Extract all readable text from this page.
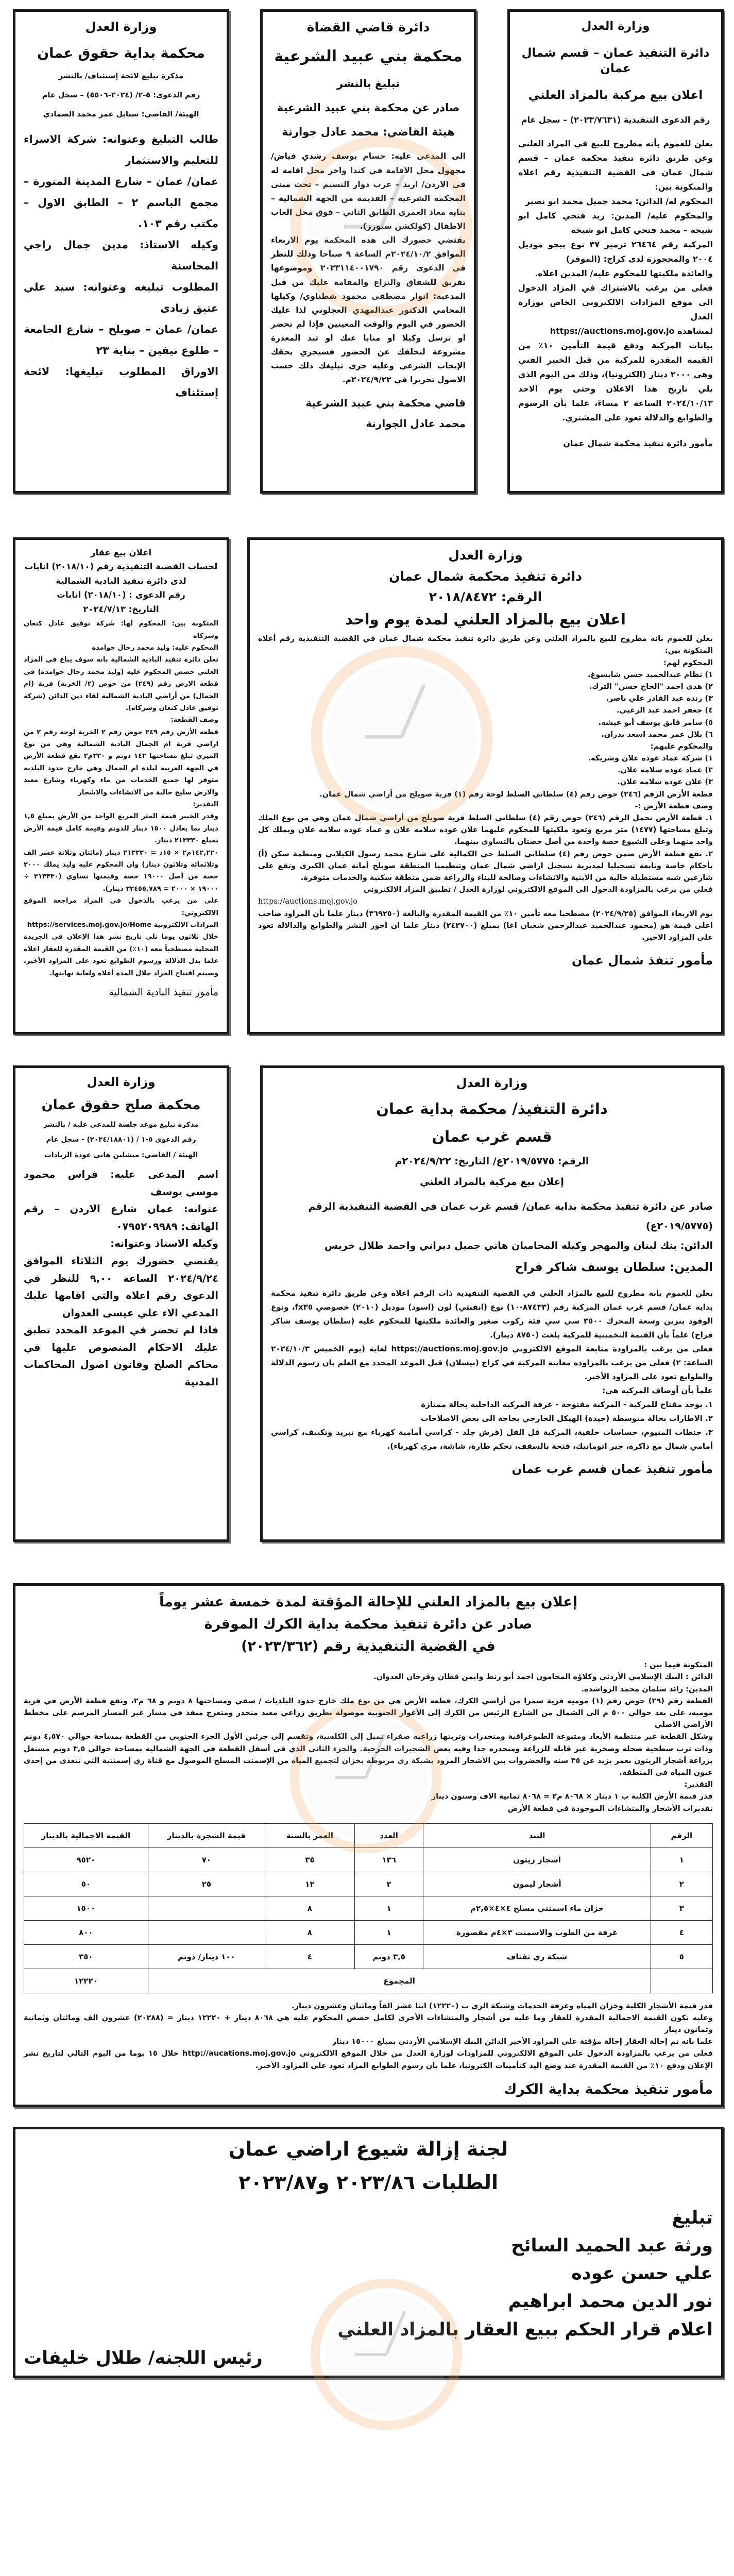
وزارة العدل
دائرة التنفيذ عمان – قسم شمال عمان
اعلان بيع مركبة بالمزاد العلني
رقم الدعوى التنفيذية (٢٠٢٣/٧٦٣١) – سجل عام
يعلن للعموم بأنه مطروح للبيع في المزاد العلني وعن طريق دائرة تنفيذ محكمة عمان – قسم شمال عمان في القضية التنفيذية رقم اعلاه والمتكونة بين:
المحكوم له/ الدائن: محمد جميل محمد ابو نصير
والمحكوم عليه/ المدين: زيد فتحي كامل ابو شيخة – محمد فتحي كامل ابو شيخة
المركبة رقم ٢٦٤٦٤ ترميز ٣٧ نوع بيجو موديل ٢٠٠٤ والمحجوزة لدى كراج: (الموقر)
والعائدة ملكيتها للمحكوم عليه/ المدين اعلاه.
فعلى من يرغب بالاشتراك في المزاد الدخول الى موقع المزادات الالكتروني الخاص بوزارة العدل
لمشاهدة https://auctions.moj.gov.jo
بيانات المركبة ودفع قيمة التأمين ١٠٪ من القيمة المقدرة للمركبة من قبل الخبير الفني وهي ٢٠٠٠ دينار (الكترونيا)، وذلك من اليوم الذي يلي تاريخ هذا الاعلان وحتى يوم الاحد ٢٠٢٤/١٠/١٣ الساعة ٢ مساءً، علما بأن الرسوم والطوابع والدلالة تعود على المشتري.
مأمور دائرة تنفيذ محكمة شمال عمان
دائرة قاضي القضاة
محكمة بني عبيد الشرعية
تبليغ بالنشر
صادر عن محكمة بني عبيد الشرعية
هيئة القاضي: محمد عادل جوارنة
الى المدعى عليه: حسام يوسف رشدي فياض/ مجهول محل الاقامة في كندا واخر محل اقامة له في الاردن/ اربد – غرب دوار النسيم – تحت مبنى المحكمة الشرعية – القديمة من الجهة الشمالية – بناية معاذ العمري الطابق الثاني – فوق محل العاب الاطفال (كولكشن ستورز).
يقتضي حضورك الى هذه المحكمة يوم الاربعاء الموافق ٢٠٢٤/١٠/٢م الساعة ٩ صباحا وذلك للنظر في الدعوى رقم ٢٠٢٣١١٤٠٠١٧٩٠ وموضوعها تفريق للشقاق والنزاع والمقامة عليك من قبل المدعية: انوار مصطفى محمود شطناوي/ وكيلها المحامي الدكتور عبدالمهدي العجلوني لذا عليك الحضور في اليوم والوقت المعينين فإذا لم تحضر او ترسل وكيلا او منابا عنك او تبد المعذرة مشروعة لتخلفك عن الحضور فسيجري بحقك الإيجاب الشرعي وعليه جرى تبليغك ذلك حسب الاصول تحريرا في ٢٠٢٤/٩/٢٢م.
قاضي محكمة بني عبيد الشرعية
محمد عادل الجوارنة
وزارة العدل
محكمة بداية حقوق عمان
مذكرة تبليغ لائحة إستئناف/ بالنشر
رقم الدعوى: ٥-٢/ (٢٠٢٤-٥٥٠٦) – سجل عام
الهيئة/ القاضي: سنابل عمر محمد الصمادي
طالب التبليغ وعنوانه: شركة الاسراء للتعليم والاستثمار
عمان/ عمان – شارع المدينة المنورة – مجمع الباسم ٢ – الطابق الاول – مكتب رقم ١٠٣.
وكيله الاستاذ: مدين جمال راجي المحاسنة
المطلوب تبليغه وعنوانه: سيد علي عتيق زيادى
عمان/ عمان – صويلح – شارع الجامعة – طلوع نيفين – بناية ٢٣
الاوراق المطلوب تبليغها: لائحة إستئناف
وزارة العدل
دائرة تنفيذ محكمة شمال عمان
الرقم: ٢٠١٨/٨٤٧٢
اعلان بيع بالمزاد العلني لمدة يوم واحد
يعلن للعموم بانه مطروح للبيع بالمزاد العلني وعن طريق دائرة تنفيذ محكمة شمال عمان في القضية التنفيذية رقم أعلاه المتكونة بين:
المحكوم لهم:
١) نظام عبدالحميد حسن شابسوغ.
٢) هدى احمد "الحاج حسن" الترك.
٣) رندة عبد القادر علي ناصر.
٤) جعفر احمد عبد الزعبي.
٥) سامر فايق يوسف أبو عيشه.
٦) بلال عمر محمد اسعد بدران.
والمحكوم عليهم:
١) شركة عماد عوده علان وشريكه.
٢) عماد عوده سلامه علان.
٣) علان عوده سلامه علان.
قطعة الأرض الرقم (٢٤٦) حوض رقم (٤) سلطاني السلط لوحة رقم (١) قرية صويلح من أراضي شمال عمان.
وصف قطعة الأرض :-
١. قطعة الأرض تحمل الرقم (٢٤٦) حوض رقم (٤) سلطاني السلط قرية صويلح من أراضي شمال عمان وهي من نوع الملك وتبلغ مساحتها (١٤٧٧) متر مربع وتعود ملكيتها للمحكوم عليهما علان عوده سلامه علان و عماد عوده سلامه علان ويملك كل واحد منهما وعلى الشيوع حصة واحدة من أصل حصتان بالتساوي بينهما.
٢. تقع قطعة الأرض ضمن حوض رقم (٤) سلطاني السلط حي الكمالية على شارع محمد رسول الكيلاني ومنظمة سكن (أ) بأحكام خاصة وتابعة تسجيليا لمديرية تسجيل اراضي شمال عمان وتنظيميا المنطقة صويلح أمانة عمان الكبرى وتقع على شارعين شبه مستطيلة خالية من الأبنية والانشاءات وصالحة للبناء والزراعة ضمن منطقة سكنية والخدمات متوفرة.
فعلي من يرغب بالمزاودة الدخول الى الموقع الالكتروني لوزارة العدل / تطبيق المزاد الالكتروني
https://auctions.moj.gov.jo
يوم الاربعاء الموافق (٢٠٢٤/٩/٢٥) مصطحبا معه تأمين ١٠٪ من القيمة المقدرة والبالغة (٣٦٩٢٥٠) دينار علما بأن المزاود صاحب اعلى قيمة هو (محمود عبدالحميد عبدالرحمن شعبان اغا) بمبلغ (٢٤٢٧٠٠) دينار علما ان اجور النشر والطوابع والدالالة تعود على المزاود الاخير.
مأمور تنفذ شمال عمان
اعلان بيع عقار
لحساب القضية التنفيذية رقم (٢٠١٨/١٠) انابات
لدى دائرة تنفيذ البادية الشمالية
رقم الدعوى : (٢٠١٨/١٠) انابات
التاريخ: ٢٠٢٤/٧/١٣
المتكونة بين: المحكوم لها: شركة توفيق عادل كنعان وشركاه
المحكوم عليه: وليد محمد رحال حوامدة
تعلن دائرة تنفيذ البادية الشمالية بانه سوف يباع في المزاد العلني حصص المحكوم عليه (وليد محمد رحال حوامدة) في قطعة الارض رقم (٢٤٩) من حوض (٢/ الخربة) قرية (ام الجمال) من أراضي البادية الشمالية لقاء دين الدائن (شركة توفيق عادل كنعان وشركاه).
وصف القطعة:
قطعة الأرض رقم ٢٤٩ حوض رقم ٢ الخربة لوحة رقم ٢ من اراضي قرية ام الجمال البادية الشمالية وهي من نوع الميري تبلغ مساحتها ١٤٢ دونم و ٢٢٠م٢ تقع قطعة الأرض في الجهة الغربية لبلدة ام الجمال وهي خارج حدود البلدية متوفر لها جميع الخدمات من ماء وكهرباء وشارع معبد والارض سليخ خالية من الانشاءات والاشجار
التقدير:
وقدر الخبير قيمة المتر المربع الواحد من الأرض بمبلغ ١,٥ دينار بما يعادل ١٥٠٠ دينار للدونم وقيمة كامل قيمة الأرض بمبلغ ٢١٣٣٣٠ دينار.
١٤٢,٢٢٠م٢ × ١٥د = ٢١٣٣٣٠ دينار (مائتان وثلاثة عشر الف وثلاثمائة وثلاثون دينار) وان المحكوم عليه وليد يملك ٢٠٠٠ حصة من أصل ١٩٠٠٠ حصة وقيمتها تساوي (٢١٣٣٣٠ ÷ ١٩٠٠٠ × ٢٠٠٠ = ٢٢٤٥٥,٧٨٩ دينار).
على من يرغب بالدخول في المزاد مراجعة الموقع الالكتروني:
المزادات الالكترونية https://services.moj.gov.jo/Home
خلال ثلاثون يوما تلي تاريخ نشر هذا الإعلان في الجريدة المحلية مصطحباً معه (١٠٪) من القيمة المقدرة للعقار اعلاه علما بدل الدلالة ورسوم الطوابع تعود على المزاود الأخير، وسيتم افتتاح المزاد خلال المدة أعلاه ولغاية نهايتها.
مأمور تنفيذ البادية الشمالية
وزارة العدل
دائرة التنفيذ/ محكمة بداية عمان
قسم غرب عمان
الرقم: ٢٠١٩/٥٧٧٥ع/ التاريخ: ٢٠٢٤/٩/٢٢م
إعلان بيع مركبة بالمزاد العلني
صادر عن دائرة تنفيذ محكمة بداية عمان/ قسم غرب عمان في القضية التنفيذية الرقم (٢٠١٩/٥٧٧٥ع)
الدائن: بنك لبنان والمهجر وكيله المحاميان هاني جميل ديراني واحمد طلال خريس
المدين: سلطان يوسف شاكر فراح
يعلن للعموم بانه مطروح للبيع بالمزاد العلني في القضية التنفيذية ذات الرقم اعلاه وعن طريق دائرة تنفيذ محكمة بداية عمان/ قسم غرب عمان المركبة رقم (٨٧٤٣٣-١٠) نوع (انفنتي) لون (اسود) موديل (٢٠١٠) خصوصي fx٣٥، ونوع الوقود بنزين وسعة المحرك ٣٥٠٠ سي سي فئة ركوب صغير والعائدة ملكيتها للمحكوم عليه (سلطان يوسف شاكر فراح) علماً بأن القيمة التخمينية للمركبة بلغت (٨٧٥٠ دينار).
فعلى من يرغب بالمزاودة متابعة الموقع الالكتروني https://auctions.moj.gov.jo لغاية (يوم الخميس ٢٠٢٤/١٠/٣ الساعة: ٢) فعلى من يرغب بالمزاوده معاينة المركبة في كراج (بيسلان) قبل الموعد المحدد مع العلم بان رسوم الدلالة والطوابع تعود على المزاود الأخير.
علماً بأن أوصاف المركبة هي:
١. يوجد مفتاح للمركبة - المركبة مفتوحة - غرفة المركبة الداخلية بحالة ممتازة
٢. الاطارات بحالة متوسطة (جيدة) الهيكل الخارجي بحاجة الى بعض الاصلاحات
٣. جنطات المنيوم، حساسات خلفية، المركبة فل الفل (فرش جلد - كراسي أمامية كهرباء مع تبريد وتكييف، كراسي أمامي شمال مع ذاكرة، جير اتوماتيك، فتحة بالسقف، تحكم طارة، شاشة، مري كهرباء).
مأمور تنفيذ عمان قسم غرب عمان
وزارة العدل
محكمة صلح حقوق عمان
مذكرة تبليغ موعد جلسة للمدعى عليه / بالنشر
رقم الدعوى ٥-١ / (٢٠٢٤/١٨٨٠١) - سجل عام
الهيئة / القاضي: ميشلين هاني عودة الزيادات
اسم المدعى عليه: فراس محمود موسى يوسف
عنوانه: عمان شارع الاردن – رقم الهاتف: ٠٧٩٥٢٠٩٩٨٩
وكيله الاستاذ وعنوانه:
يقتضي حضورك يوم الثلاثاء الموافق ٢٠٢٤/٩/٢٤ الساعة ٩,٠٠ للنظر في الدعوى رقم اعلاه والتي اقامها عليك المدعي الاء علي عيسى العدوان
فاذا لم تحضر في الموعد المحدد تطبق عليك الاحكام المنصوص عليها في محاكم الصلح وقانون اصول المحاكمات المدنية
إعلان بيع بالمزاد العلني للإحالة المؤقتة لمدة خمسة عشر يوماً
صادر عن دائرة تنفيذ محكمة بداية الكرك الموقرة
في القضية التنفيذية رقم (٢٠٢٣/٣٦٢)
المتكونة فيما بين :
الدائن : البنك الإسلامي الأردني وكلاؤه المحامون احمد أبو زنط وايمن قطان وفرحان العدوان.
المدين: رائد سلمان محمد الرواشده.
القطعة رقم (٢٩) حوض رقم (١) موميه قرية سمرا من أراضي الكرك، قطعة الأرض هي من نوع ملك خارج حدود البلديات / سقي ومساحتها ٨ دونم و ٦٨ م٢، وتقع قطعة الأرض في قرية موميه، على بعد حوالي ٥٠٠ م الى الشمال من الشارع الرئيس من الكرك إلى الأغوار الجنوبية موصولة بطريق زراعي معبد منحدر ومتعرج منفذ في مسار غير المسار المرسم على مخطط الأراضي الأصلي
وشكل القطعة غير منتظمة الأبعاد ومتنوعة الطبوغرافية ومنحدرات وتربتها زراعية صفراء تميل إلى الكلسية، وتقسم إلى جزئين الأول الجزء الجنوبي من القطعة بمساحة حوالي ٤,٥٧٠ دونم وذات ترب سطحية ضحلة وصخرية غير قابله للزراعة ومنحدره جدا وفيه بعض الشجيرات الحرجية. والجزء الثاني الذي في أسفل القطعة في الجهة الشمالية بمساحة حوالي ٣,٥ دونم مستغل بزراعة أشجار الزيتون بعمر يزيد عن ٣٥ سنه والخضروات بين الأشجار المزود بشبكة ري مربوطة بخزان لتجميع المياه من الإسمنت المسلح الموصول مع قناة ري إسمنتية التي تتغذى من إحدى عيون المياه في المنطقة.
التقدير:
قدر قيمة الأرض الكلية ب ١ دينار × ٨٠٦٨ م٢ = ٨٠٦٨ ثمانية الاف وستون دينار
تقديرات الأشجار والمنشاءات الموجودة في قطعة الأرض
الرقم	البند	العدد	العمر بالسنة	قيمة الشجرة بالدينار	القيمة الاجمالية بالدينار
١	أشجار زيتون	١٣٦	٣٥	٧٠	٩٥٢٠
٢	أشجار ليمون	٢	١٢	٢٥	٥٠
٣	خزان ماء اسمنتي مسلح ٤×٤×٢,٥م	١	٨		١٥٠٠
٤	غرفة من الطوب والاسمنت ٣×٤م مقصورة	١	٨		٨٠٠
٥	شبكة ري تفتاف	٣,٥ دونم	٤	١٠٠ دينار/ دونم	٣٥٠
	المجموع				١٢٢٢٠
قدر قيمة الأشجار الكلية وخزان المياه وغرفة الخدمات وشبكة الري ب (١٢٢٢٠) اثنا عشر الفاً ومائتان وعشرون دينار.
وعليه تكون القيمة الاجمالية المقدرة للعقار وما عليه من أشجار والمنشاءات الأخرى لكامل حصص المحكوم عليه هي ٨٠٦٨ دينار + ١٢٢٢٠ دينار = (٢٠٢٨٨) عشرون الف ومائتان وثمانية وثمانون دينار
علما بانه تم إحالة العقار إحالة مؤقتة على المزاود الأخير الدائن البنك الإسلامي الأردني بمبلغ ١٥٠٠٠ دينار
فعلى من يرغب بالمزاودة الدخول على الموقع الالكتروني للمزاودات لوزارة العدل من خلال الموقع الالكتروني http://aucations.moj.gov.jo خلال ١٥ يوما من اليوم التالي لتاريخ نشر الإعلان ودفع ١٠٪ من القيمة المقدرة عند وضع اليد كتأمينات الكترونيا، علما بان رسوم الطوابع المزاد تعود على المزاود الأخير.
مأمور تنفيذ محكمة بداية الكرك
لجنة إزالة شيوع اراضي عمان
الطلبات ٢٠٢٣/٨٦ و٢٠٢٣/٨٧
تبليغ
ورثة عبد الحميد السائح
علي حسن عوده
نور الدين محمد ابراهيم
اعلام قرار الحكم ببيع العقار بالمزاد العلني
رئيس اللجنه/ طلال خليفات
